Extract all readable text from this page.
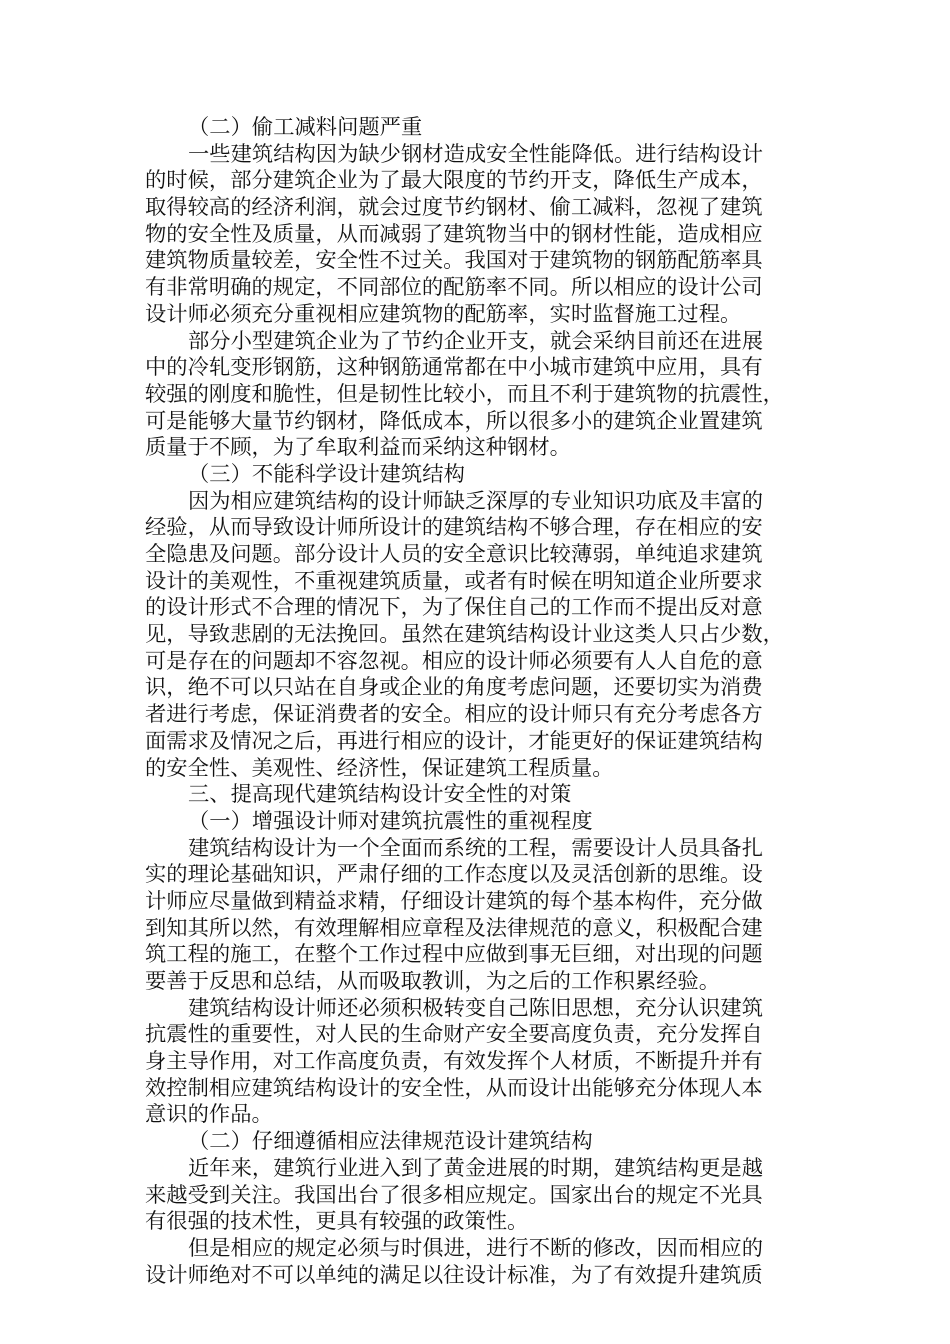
（二）偷工减料问题严重
一些建筑结构因为缺少钢材造成安全性能降低。进行结构设计
的时候，部分建筑企业为了最大限度的节约开支，降低生产成本，
取得较高的经济利润，就会过度节约钢材、偷工减料，忽视了建筑
物的安全性及质量，从而减弱了建筑物当中的钢材性能，造成相应
建筑物质量较差，安全性不过关。我国对于建筑物的钢筋配筋率具
有非常明确的规定，不同部位的配筋率不同。所以相应的设计公司
设计师必须充分重视相应建筑物的配筋率，实时监督施工过程。
部分小型建筑企业为了节约企业开支，就会采纳目前还在进展
中的冷轧变形钢筋，这种钢筋通常都在中小城市建筑中应用，具有
较强的刚度和脆性，但是韧性比较小，而且不利于建筑物的抗震性，
可是能够大量节约钢材，降低成本，所以很多小的建筑企业置建筑
质量于不顾，为了牟取利益而采纳这种钢材。
（三）不能科学设计建筑结构
因为相应建筑结构的设计师缺乏深厚的专业知识功底及丰富的
经验，从而导致设计师所设计的建筑结构不够合理，存在相应的安
全隐患及问题。部分设计人员的安全意识比较薄弱，单纯追求建筑
设计的美观性，不重视建筑质量，或者有时候在明知道企业所要求
的设计形式不合理的情况下，为了保住自己的工作而不提出反对意
见，导致悲剧的无法挽回。虽然在建筑结构设计业这类人只占少数，
可是存在的问题却不容忽视。相应的设计师必须要有人人自危的意
识，绝不可以只站在自身或企业的角度考虑问题，还要切实为消费
者进行考虑，保证消费者的安全。相应的设计师只有充分考虑各方
面需求及情况之后，再进行相应的设计，才能更好的保证建筑结构
的安全性、美观性、经济性，保证建筑工程质量。
三、提高现代建筑结构设计安全性的对策
（一）增强设计师对建筑抗震性的重视程度
建筑结构设计为一个全面而系统的工程，需要设计人员具备扎
实的理论基础知识，严肃仔细的工作态度以及灵活创新的思维。设
计师应尽量做到精益求精，仔细设计建筑的每个基本构件，充分做
到知其所以然，有效理解相应章程及法律规范的意义，积极配合建
筑工程的施工，在整个工作过程中应做到事无巨细，对出现的问题
要善于反思和总结，从而吸取教训，为之后的工作积累经验。
建筑结构设计师还必须积极转变自己陈旧思想，充分认识建筑
抗震性的重要性，对人民的生命财产安全要高度负责，充分发挥自
身主导作用，对工作高度负责，有效发挥个人材质，不断提升并有
效控制相应建筑结构设计的安全性，从而设计出能够充分体现人本
意识的作品。
（二）仔细遵循相应法律规范设计建筑结构
近年来，建筑行业进入到了黄金进展的时期，建筑结构更是越
来越受到关注。我国出台了很多相应规定。国家出台的规定不光具
有很强的技术性，更具有较强的政策性。
但是相应的规定必须与时俱进，进行不断的修改，因而相应的
设计师绝对不可以单纯的满足以往设计标准，为了有效提升建筑质
